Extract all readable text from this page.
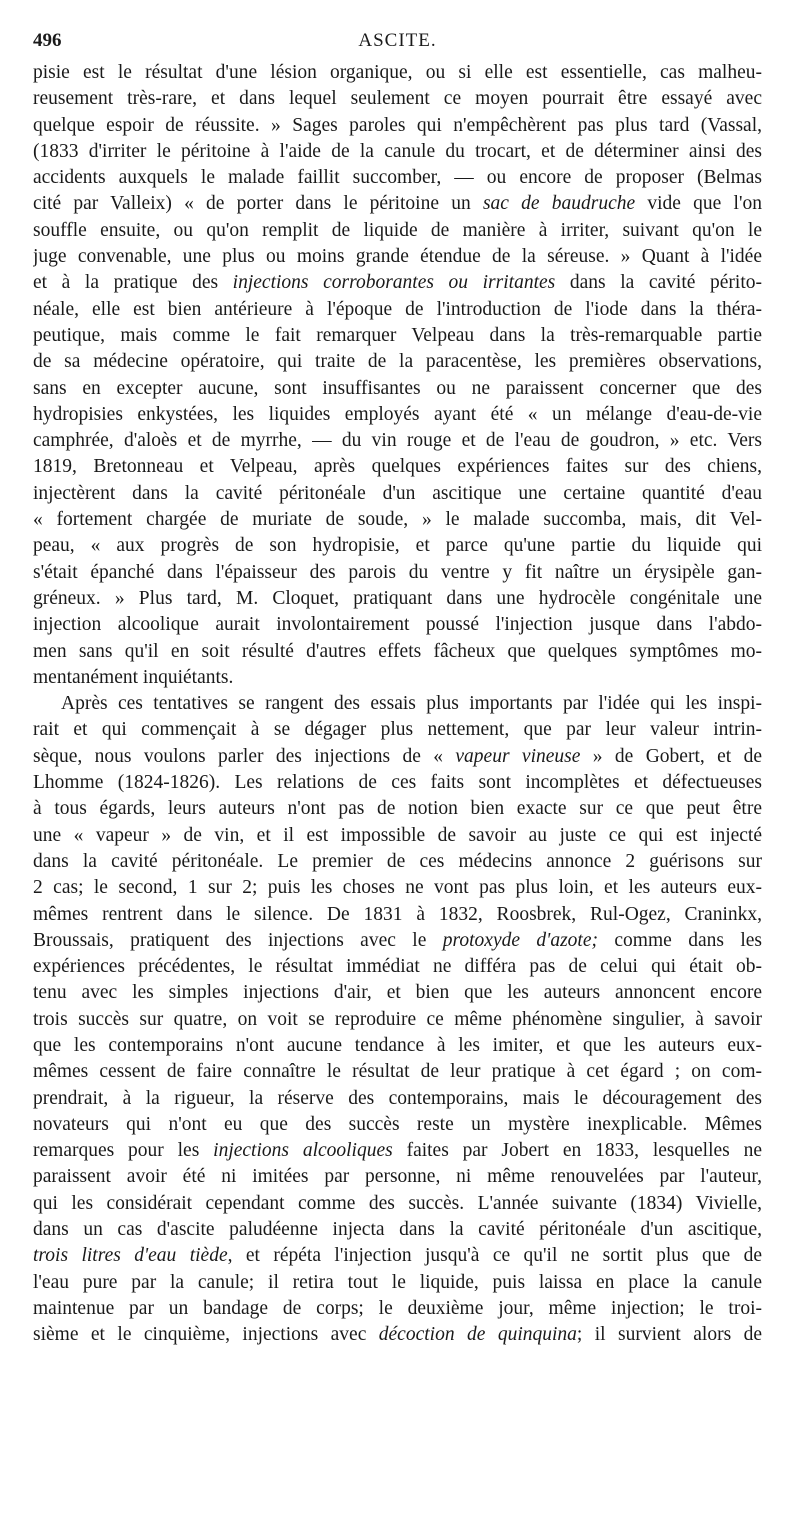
496	ASCITE.
pisie est le résultat d'une lésion organique, ou si elle est essentielle, cas malheu-
reusement très-rare, et dans lequel seulement ce moyen pourrait être essayé avec
quelque espoir de réussite. » Sages paroles qui n'empêchèrent pas plus tard (Vassal,
(1833 d'irriter le péritoine à l'aide de la canule du trocart, et de déterminer ainsi des
accidents auxquels le malade faillit succomber, — ou encore de proposer (Belmas
cité par Valleix) « de porter dans le péritoine un sac de baudruche vide que l'on
souffle ensuite, ou qu'on remplit de liquide de manière à irriter, suivant qu'on le
juge convenable, une plus ou moins grande étendue de la séreuse. » Quant à l'idée
et à la pratique des injections corroborantes ou irritantes dans la cavité périto-
néale, elle est bien antérieure à l'époque de l'introduction de l'iode dans la théra-
peutique, mais comme le fait remarquer Velpeau dans la très-remarquable partie
de sa médecine opératoire, qui traite de la paracentèse, les premières observations,
sans en excepter aucune, sont insuffisantes ou ne paraissent concerner que des
hydropisies enkystées, les liquides employés ayant été « un mélange d'eau-de-vie
camphrée, d'aloès et de myrrhe, — du vin rouge et de l'eau de goudron, » etc. Vers
1819, Bretonneau et Velpeau, après quelques expériences faites sur des chiens,
injectèrent dans la cavité péritonéale d'un ascitique une certaine quantité d'eau
« fortement chargée de muriate de soude, » le malade succomba, mais, dit Vel-
peau, « aux progrès de son hydropisie, et parce qu'une partie du liquide qui
s'était épanché dans l'épaisseur des parois du ventre y fit naître un érysipèle gan-
gréneux. » Plus tard, M. Cloquet, pratiquant dans une hydrocèle congénitale une
injection alcoolique aurait involontairement poussé l'injection jusque dans l'abdo-
men sans qu'il en soit résulté d'autres effets fâcheux que quelques symptômes mo-
mentanément inquiétants.
Après ces tentatives se rangent des essais plus importants par l'idée qui les inspi-
rait et qui commençait à se dégager plus nettement, que par leur valeur intrin-
sèque, nous voulons parler des injections de « vapeur vineuse » de Gobert, et de
Lhomme (1824-1826). Les relations de ces faits sont incomplètes et défectueuses
à tous égards, leurs auteurs n'ont pas de notion bien exacte sur ce que peut être
une « vapeur » de vin, et il est impossible de savoir au juste ce qui est injecté
dans la cavité péritonéale. Le premier de ces médecins annonce 2 guérisons sur
2 cas; le second, 1 sur 2; puis les choses ne vont pas plus loin, et les auteurs eux-
mêmes rentrent dans le silence. De 1831 à 1832, Roosbrek, Rul-Ogez, Craninkx,
Broussais, pratiquent des injections avec le protoxyde d'azote; comme dans les
expériences précédentes, le résultat immédiat ne différa pas de celui qui était ob-
tenu avec les simples injections d'air, et bien que les auteurs annoncent encore
trois succès sur quatre, on voit se reproduire ce même phénomène singulier, à savoir
que les contemporains n'ont aucune tendance à les imiter, et que les auteurs eux-
mêmes cessent de faire connaître le résultat de leur pratique à cet égard ; on com-
prendrait, à la rigueur, la réserve des contemporains, mais le découragement des
novateurs qui n'ont eu que des succès reste un mystère inexplicable. Mêmes
remarques pour les injections alcooliques faites par Jobert en 1833, lesquelles ne
paraissent avoir été ni imitées par personne, ni même renouvelées par l'auteur,
qui les considérait cependant comme des succès. L'année suivante (1834) Vivielle,
dans un cas d'ascite paludéenne injecta dans la cavité péritonéale d'un ascitique,
trois litres d'eau tiède, et répéta l'injection jusqu'à ce qu'il ne sortit plus que de
l'eau pure par la canule; il retira tout le liquide, puis laissa en place la canule
maintenue par un bandage de corps; le deuxième jour, même injection; le troi-
sième et le cinquième, injections avec décoction de quinquina; il survient alors de
